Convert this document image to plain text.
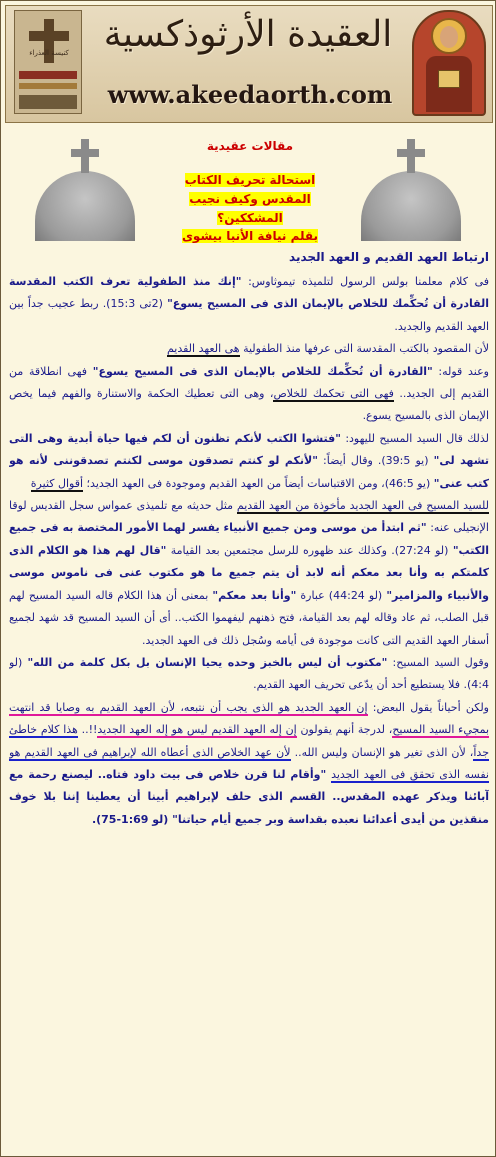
كنيسة العذراء العقيدة الأرثوذكسية
www.akeedaorth.com
مقالات عقيدية
استحالة تحريف الكتاب
المقدس وكيف نجيب
المشككين؟
بقلم نيافة الأنبا بيشوى
ارتباط العهد القديم و العهد الجديد

فى كلام معلمنا بولس الرسول لتلميذه تيموثاوس: "إنك منذ الطفولية تعرف الكتب المقدسة القادرة أن تُحكِّمك للخلاص بالإيمان الذى فى المسيح يسوع" (2تى 15:3). ربط عجيب جداً بين العهد القديم والجديد.

لأن المقصود بالكتب المقدسة التى عرفها منذ الطفولية هى العهد القديم

وعند قوله: "القادرة أن تُحكِّمك للخلاص بالإيمان الذى فى المسيح يسوع" فهى انطلاقة من القديم إلى الجديد.. فهى التى تحكمك للخلاص، وهى التى تعطيك الحكمة والاستنارة والفهم فيما يخص الإيمان الذى بالمسيح يسوع.

لذلك قال السيد المسيح لليهود: "فتشوا الكتب لأنكم تظنون أن لكم فيها حياة أبدية وهى التى تشهد لى" (يو 39:5). وقال أيضاً: "لأنكم لو كنتم تصدقون موسى لكنتم تصدقوننى لأنه هو كتب عنى" (يو 46:5)، ومن الاقتباسات أيضاً من العهد القديم وموجودة فى العهد الجديد؛ أقوال كثيرة

للسيد المسيح فى العهد الجديد مأخوذة من العهد القديم مثل حديثه مع تلميذى عمواس سجل القديس لوقا الإنجيلى عنه: "ثم ابتدأ من موسى ومن جميع الأنبياء يفسر لهما الأمور المختصة به فى جميع الكتب" (لو 27:24). وكذلك عند ظهوره للرسل مجتمعين بعد القيامة "قال لهم هذا هو الكلام الذى كلمتكم به وأنا بعد معكم أنه لابد أن يتم جميع ما هو مكتوب عنى فى ناموس موسى والأنبياء والمزامير" (لو 44:24) عبارة "وأنا بعد معكم" بمعنى أن هذا الكلام قاله السيد المسيح لهم قبل الصلب، ثم عاد وقاله لهم بعد القيامة، فتح ذهنهم ليفهموا الكتب.. أى أن السيد المسيح قد شهد لجميع أسفار العهد القديم التى كانت موجودة فى أيامه وسُجل ذلك فى العهد الجديد.

وقول السيد المسيح: "مكتوب أن ليس بالخبز وحده يحيا الإنسان بل بكل كلمة من الله" (لو 4:4). فلا يستطيع أحد أن يدّعى تحريف العهد القديم.

ولكن أحياناً يقول البعض: إن العهد الجديد هو الذى يجب أن نتبعه، لأن العهد القديم به وصايا قد انتهت بمجيء السيد المسيح، لدرجة أنهم يقولون إن إله العهد القديم ليس هو إله العهد الجديد!!.. هذا كلام خاطئ جداً، لأن الذى تغير هو الإنسان وليس الله.. لأن عهد الخلاص الذى أعطاه الله لإبراهيم فى العهد القديم هو نفسه الذى تحقق فى العهد الجديد "وأقام لنا قرن خلاص فى بيت داود فتاه.. ليصنع رحمة مع آبائنا ويذكر عهده المقدس.. القسم الذى حلف لإبراهيم أبينا أن يعطينا إننا بلا خوف منقذين من أيدى أعدائنا نعبده بقداسة وبر جميع أيام حياتنا" (لو 1:69-75).
